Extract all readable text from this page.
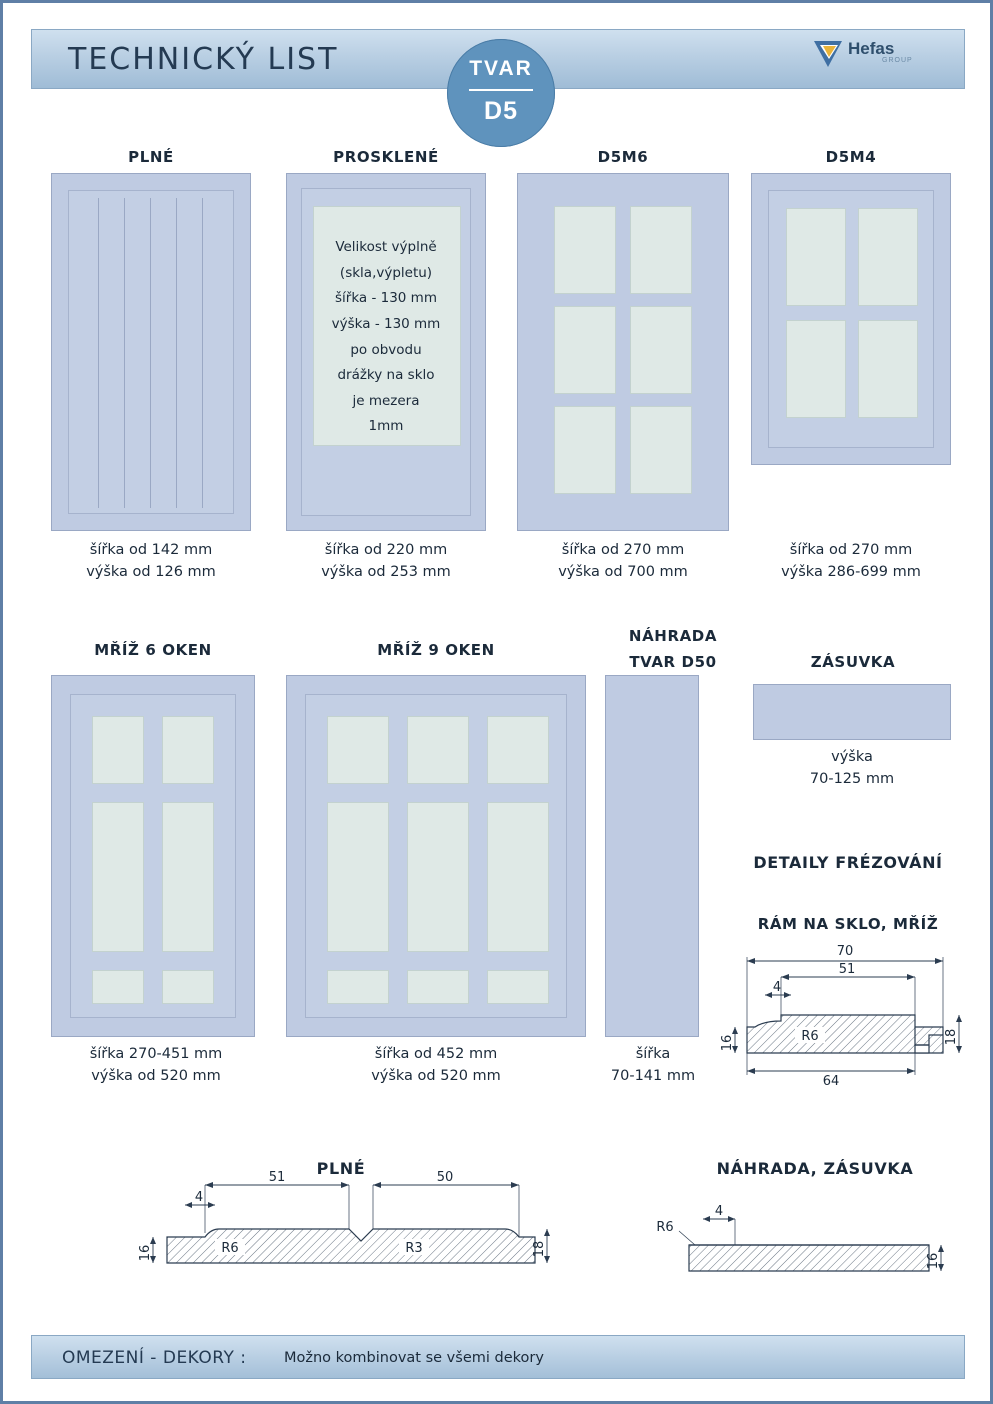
TECHNICKÝ LIST	TVAR
D5
Hefas
GROUP
PLNÉ
šířka od 142 mm
výška od 126 mm
PROSKLENÉ
Velikost výplně
(skla,výpletu)
šířka - 130 mm
výška - 130 mm
po obvodu
drážky na sklo
je mezera
1mm
šířka od 220 mm
výška od 253 mm
D5M6
šířka od 270 mm
výška od 700 mm
D5M4
šířka od 270 mm
výška 286-699 mm
MŘÍŽ 6 OKEN
šířka 270-451 mm
výška od 520 mm
MŘÍŽ 9 OKEN
šířka od 452 mm
výška od 520 mm
NÁHRADA
TVAR D50
šířka
70-141 mm
ZÁSUVKA
výška
70-125 mm
DETAILY FRÉZOVÁNÍ
RÁM NA SKLO, MŘÍŽ
70
51
4
16	18
64
R6
PLNÉ
51	50
4
16	18
R6	R3
NÁHRADA, ZÁSUVKA
4
R6
16
OMEZENÍ - DEKORY :	Možno kombinovat se všemi dekory
